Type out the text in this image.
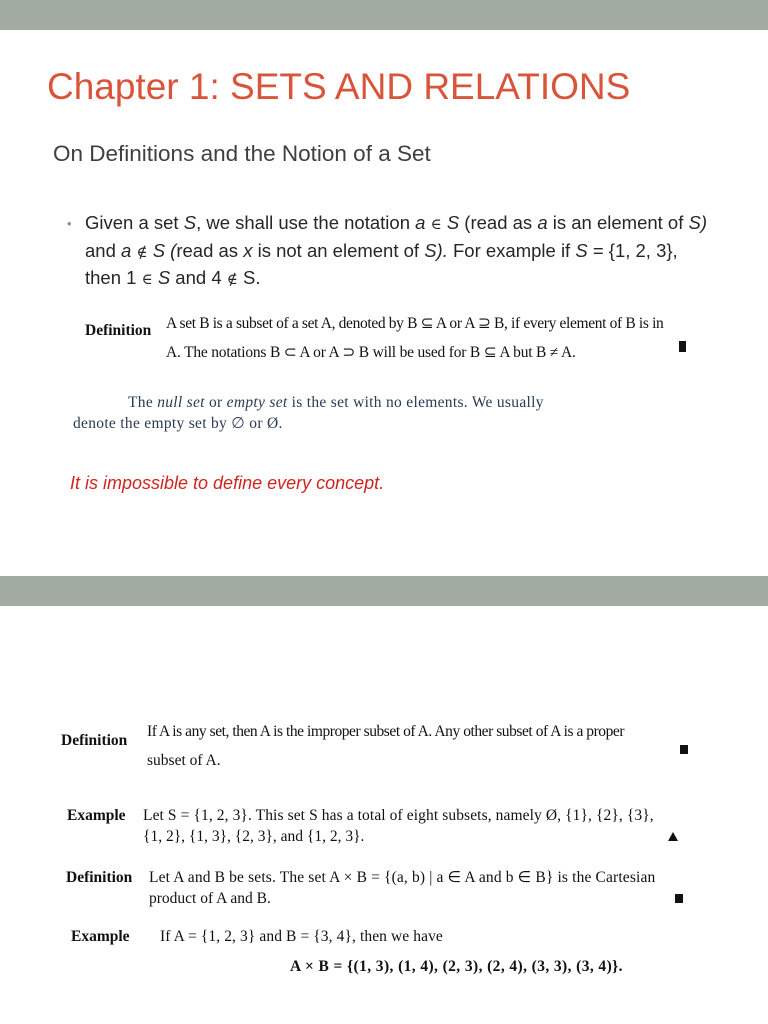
Chapter 1: SETS AND RELATIONS
On Definitions and the Notion of a Set
• Given a set S, we shall use the notation a ∈ S (read as a is an element of S) and a ∉ S (read as x is not an element of S). For example if S = {1, 2, 3}, then 1 ∈ S and 4 ∉ S.
Definition A set B is a subset of a set A, denoted by B ⊆ A or A ⊇ B, if every element of B is in
A. The notations B ⊂ A or A ⊃ B will be used for B ⊆ A but B ≠ A.
The null set or empty set is the set with no elements. We usually
denote the empty set by ∅ or Ø.

It is impossible to define every concept.

Definition
If A is any set, then A is the improper subset of A. Any other subset of A is a proper
subset of A.
Example Let S = {1, 2, 3}. This set S has a total of eight subsets, namely Ø, {1}, {2}, {3},
{1, 2}, {1, 3}, {2, 3}, and {1, 2, 3}.
Definition Let A and B be sets. The set A × B = {(a, b) | a ∈ A and b ∈ B} is the Cartesian
product of A and B.
Example If A = {1, 2, 3} and B = {3, 4}, then we have
A × B = {(1, 3), (1, 4), (2, 3), (2, 4), (3, 3), (3, 4)}.
